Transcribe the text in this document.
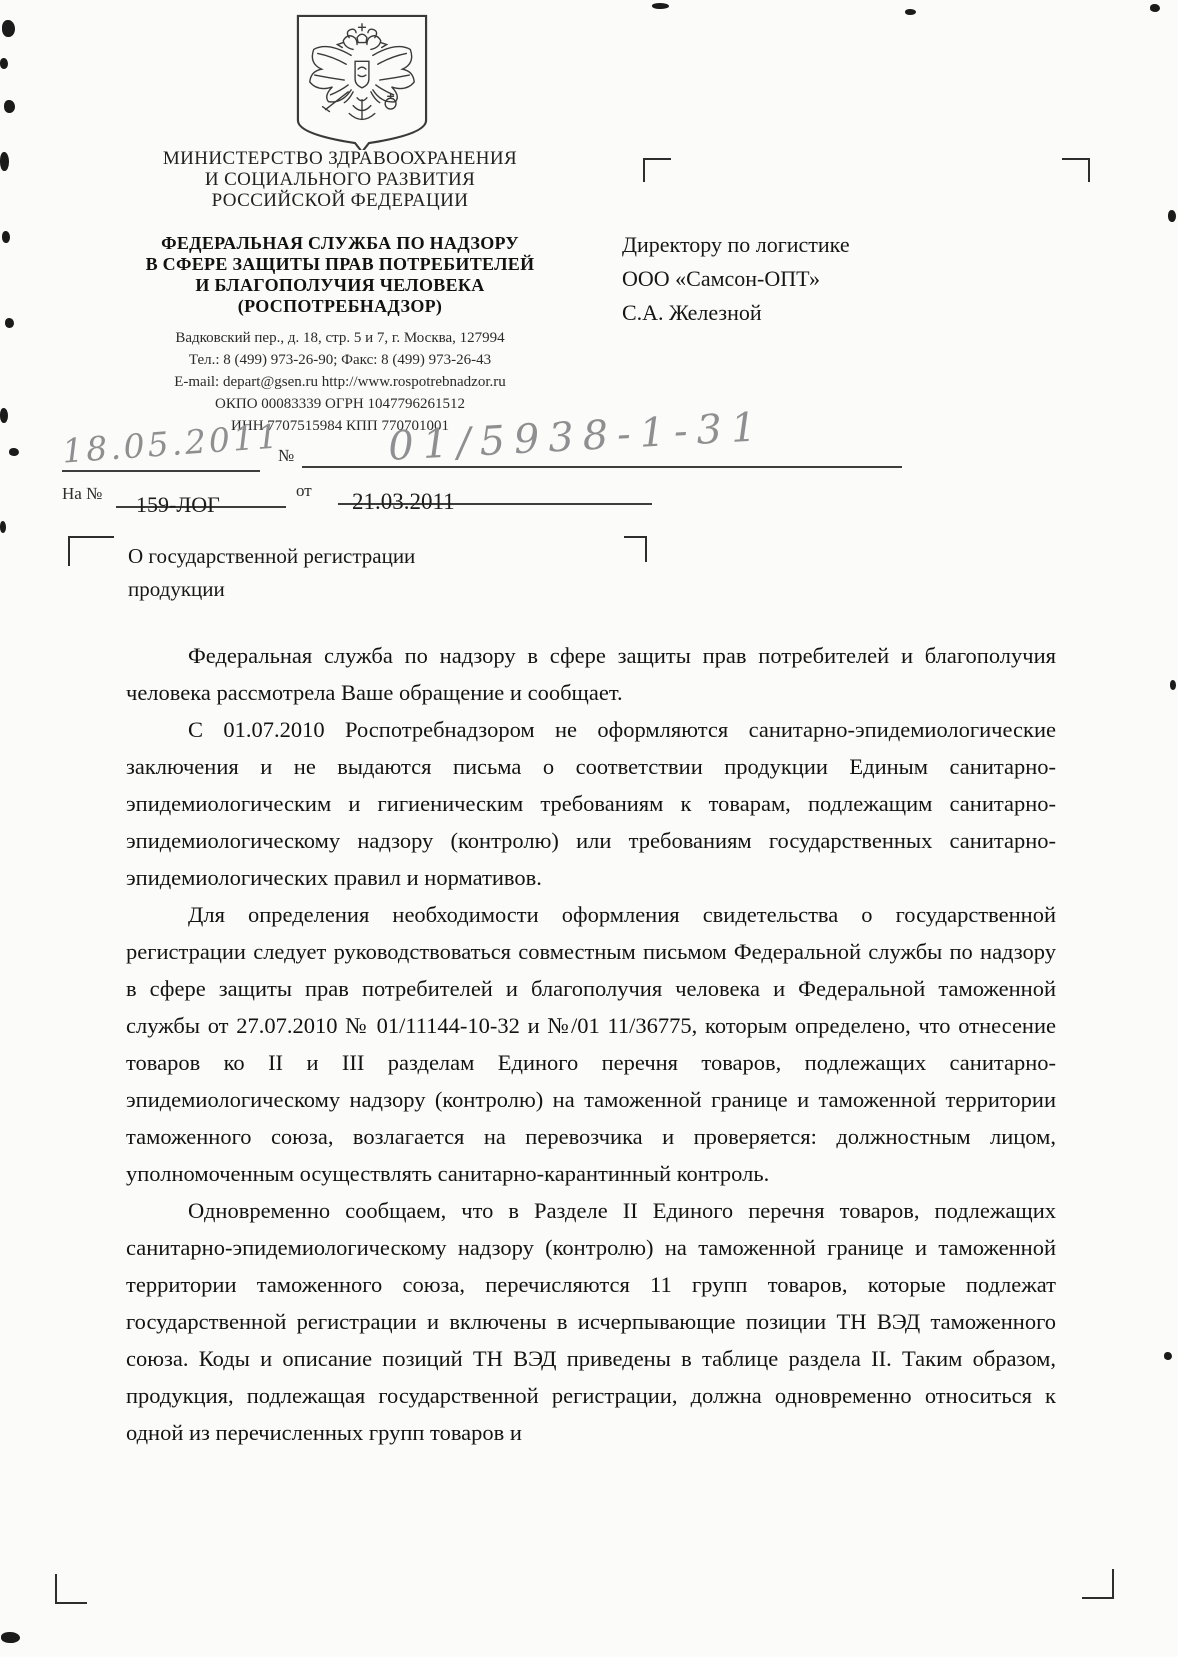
МИНИСТЕРСТВО ЗДРАВООХРАНЕНИЯ
И СОЦИАЛЬНОГО РАЗВИТИЯ
РОССИЙСКОЙ ФЕДЕРАЦИИ
ФЕДЕРАЛЬНАЯ СЛУЖБА ПО НАДЗОРУ
В СФЕРЕ ЗАЩИТЫ ПРАВ ПОТРЕБИТЕЛЕЙ
И БЛАГОПОЛУЧИЯ ЧЕЛОВЕКА
(РОСПОТРЕБНАДЗОР)
Вадковский пер., д. 18, стр. 5 и 7, г. Москва, 127994
Тел.: 8 (499) 973-26-90; Факс: 8 (499) 973-26-43
E-mail: depart@gsen.ru http://www.rospotrebnadzor.ru
ОКПО 00083339 ОГРН 1047796261512
ИНН 7707515984 КПП 770701001
Директору по логистике
ООО «Самсон-ОПТ»
С.А. Железной
18.05.2011
№ 01/5938-1-31
На № 159-ЛОГ
от 21.03.2011
О государственной регистрации
продукции

Федеральная служба по надзору в сфере защиты прав потребителей и благополучия человека рассмотрела Ваше обращение и сообщает.

С 01.07.2010 Роспотребнадзором не оформляются санитарно-эпидемиологические заключения и не выдаются письма о соответствии продукции Единым санитарно-эпидемиологическим и гигиеническим требованиям к товарам, подлежащим санитарно-эпидемиологическому надзору (контролю) или требованиям государственных санитарно-эпидемиологических правил и нормативов.

Для определения необходимости оформления свидетельства о государственной регистрации следует руководствоваться совместным письмом Федеральной службы по надзору в сфере защиты прав потребителей и благополучия человека и Федеральной таможенной службы от 27.07.2010 № 01/11144-10-32 и №/01 11/36775, которым определено, что отнесение товаров ко II и III разделам Единого перечня товаров, подлежащих санитарно-эпидемиологическому надзору (контролю) на таможенной границе и таможенной территории таможенного союза, возлагается на перевозчика и проверяется: должностным лицом, уполномоченным осуществлять санитарно-карантинный контроль.

Одновременно сообщаем, что в Разделе II Единого перечня товаров, подлежащих санитарно-эпидемиологическому надзору (контролю) на таможенной границе и таможенной территории таможенного союза, перечисляются 11 групп товаров, которые подлежат государственной регистрации и включены в исчерпывающие позиции ТН ВЭД таможенного союза. Коды и описание позиций ТН ВЭД приведены в таблице раздела II. Таким образом, продукция, подлежащая государственной регистрации, должна одновременно относиться к одной из перечисленных групп товаров и
